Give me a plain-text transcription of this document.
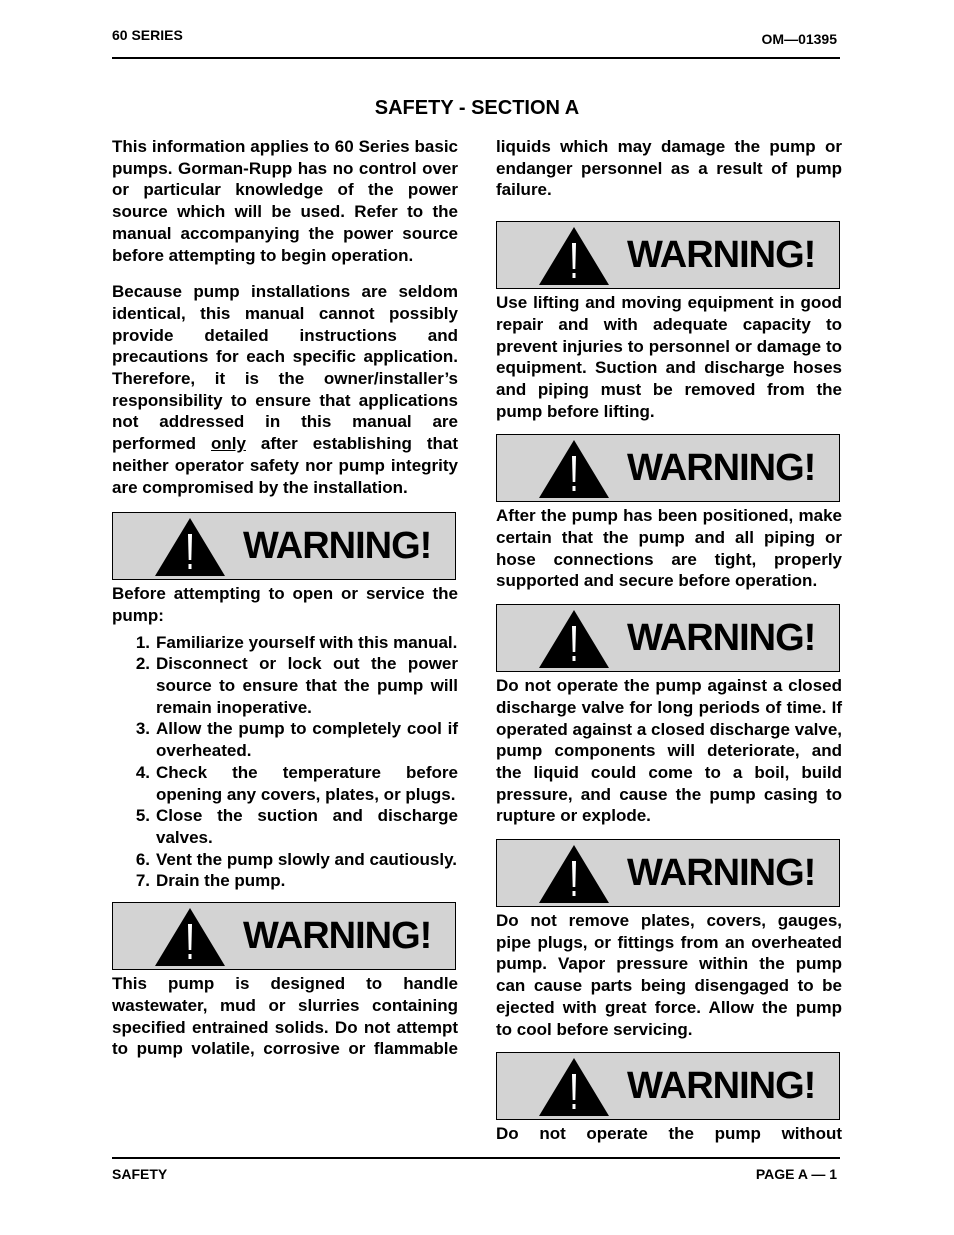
60 SERIES	OM—01395
SAFETY - SECTION A

This information applies to 60 Series basic pumps. Gorman-Rupp has no control over or particular knowledge of the power source which will be used. Refer to the manual accompanying the power source before attempting to begin operation.

Because pump installations are seldom identical, this manual cannot possibly provide detailed instructions and precautions for each specific application. Therefore, it is the owner/installer’s responsibility to ensure that applications not addressed in this manual are performed only after establishing that neither operator safety nor pump integrity are compromised by the installation.

WARNING!

Before attempting to open or service the pump:

1. Familiarize yourself with this manual.
2. Disconnect or lock out the power source to ensure that the pump will remain inoperative.
3. Allow the pump to completely cool if overheated.
4. Check the temperature before opening any covers, plates, or plugs.
5. Close the suction and discharge valves.
6. Vent the pump slowly and cautiously.
7. Drain the pump.
WARNING!

This pump is designed to handle wastewater, mud or slurries containing specified entrained solids. Do not attempt to pump volatile, corrosive or flammable

liquids which may damage the pump or endanger personnel as a result of pump failure.

WARNING!

Use lifting and moving equipment in good repair and with adequate capacity to prevent injuries to personnel or damage to equipment. Suction and discharge hoses and piping must be removed from the pump before lifting.

WARNING!

After the pump has been positioned, make certain that the pump and all piping or hose connections are tight, properly supported and secure before operation.

WARNING!

Do not operate the pump against a closed discharge valve for long periods of time. If operated against a closed discharge valve, pump components will deteriorate, and the liquid could come to a boil, build pressure, and cause the pump casing to rupture or explode.

WARNING!

Do not remove plates, covers, gauges, pipe plugs, or fittings from an overheated pump. Vapor pressure within the pump can cause parts being disengaged to be ejected with great force. Allow the pump to cool before servicing.

WARNING!

Do not operate the pump without

SAFETY	PAGE A — 1
